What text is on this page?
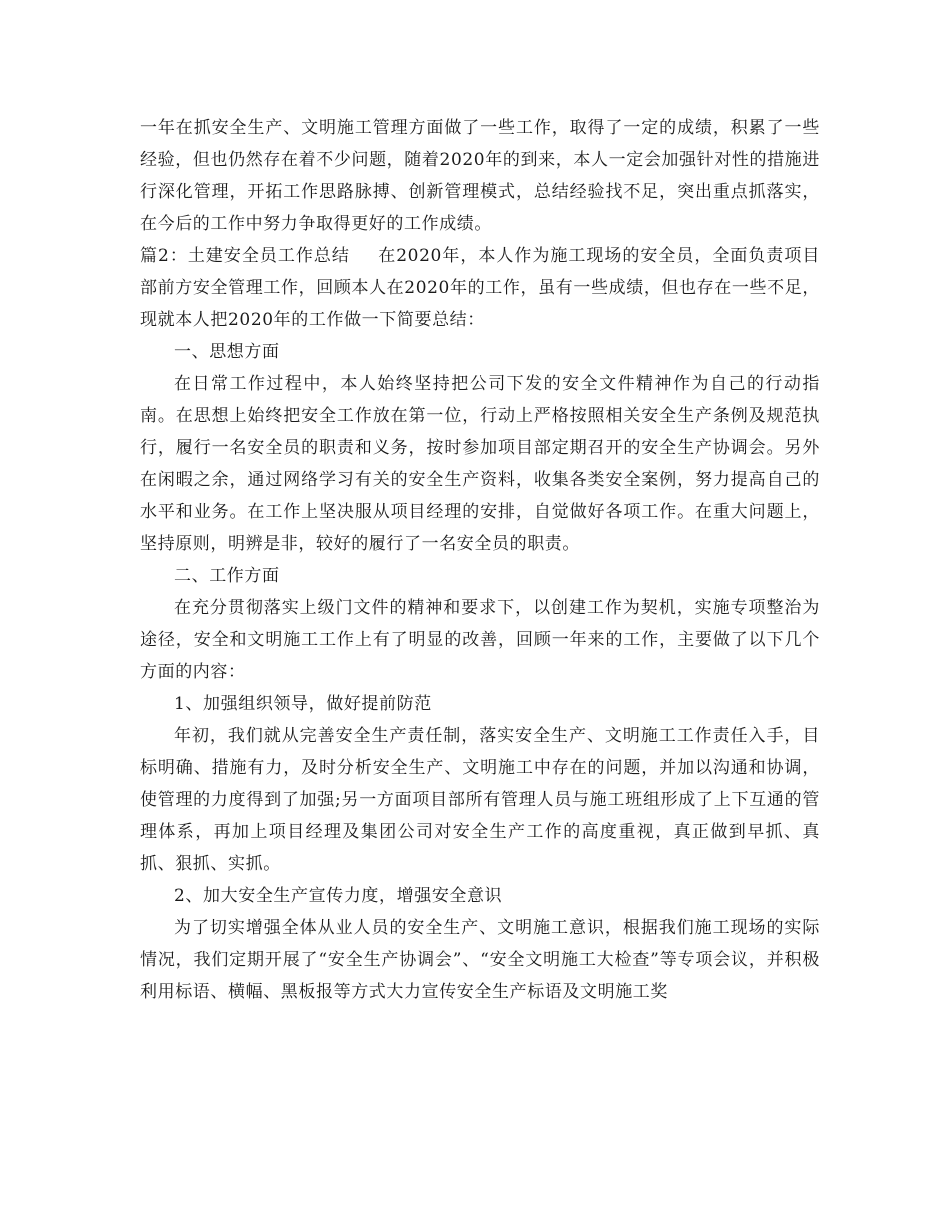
一年在抓安全生产、文明施工管理方面做了一些工作，取得了一定的成绩，积累了一些经验，但也仍然存在着不少问题，随着2020年的到来，本人一定会加强针对性的措施进行深化管理，开拓工作思路脉搏、创新管理模式，总结经验找不足，突出重点抓落实，在今后的工作中努力争取得更好的工作成绩。

篇2：土建安全员工作总结 在2020年，本人作为施工现场的安全员，全面负责项目部前方安全管理工作，回顾本人在2020年的工作，虽有一些成绩，但也存在一些不足，现就本人把2020年的工作做一下简要总结：

一、思想方面

在日常工作过程中，本人始终坚持把公司下发的安全文件精神作为自己的行动指南。在思想上始终把安全工作放在第一位，行动上严格按照相关安全生产条例及规范执行，履行一名安全员的职责和义务，按时参加项目部定期召开的安全生产协调会。另外在闲暇之余，通过网络学习有关的安全生产资料，收集各类安全案例，努力提高自己的水平和业务。在工作上坚决服从项目经理的安排，自觉做好各项工作。在重大问题上，坚持原则，明辨是非，较好的履行了一名安全员的职责。

二、工作方面

在充分贯彻落实上级门文件的精神和要求下，以创建工作为契机，实施专项整治为途径，安全和文明施工工作上有了明显的改善，回顾一年来的工作，主要做了以下几个方面的内容：

1、加强组织领导，做好提前防范

年初，我们就从完善安全生产责任制，落实安全生产、文明施工工作责任入手，目标明确、措施有力，及时分析安全生产、文明施工中存在的问题，并加以沟通和协调，使管理的力度得到了加强;另一方面项目部所有管理人员与施工班组形成了上下互通的管理体系，再加上项目经理及集团公司对安全生产工作的高度重视，真正做到早抓、真抓、狠抓、实抓。

2、加大安全生产宣传力度，增强安全意识

为了切实增强全体从业人员的安全生产、文明施工意识，根据我们施工现场的实际情况，我们定期开展了“安全生产协调会”、“安全文明施工大检查”等专项会议，并积极利用标语、横幅、黑板报等方式大力宣传安全生产标语及文明施工奖
